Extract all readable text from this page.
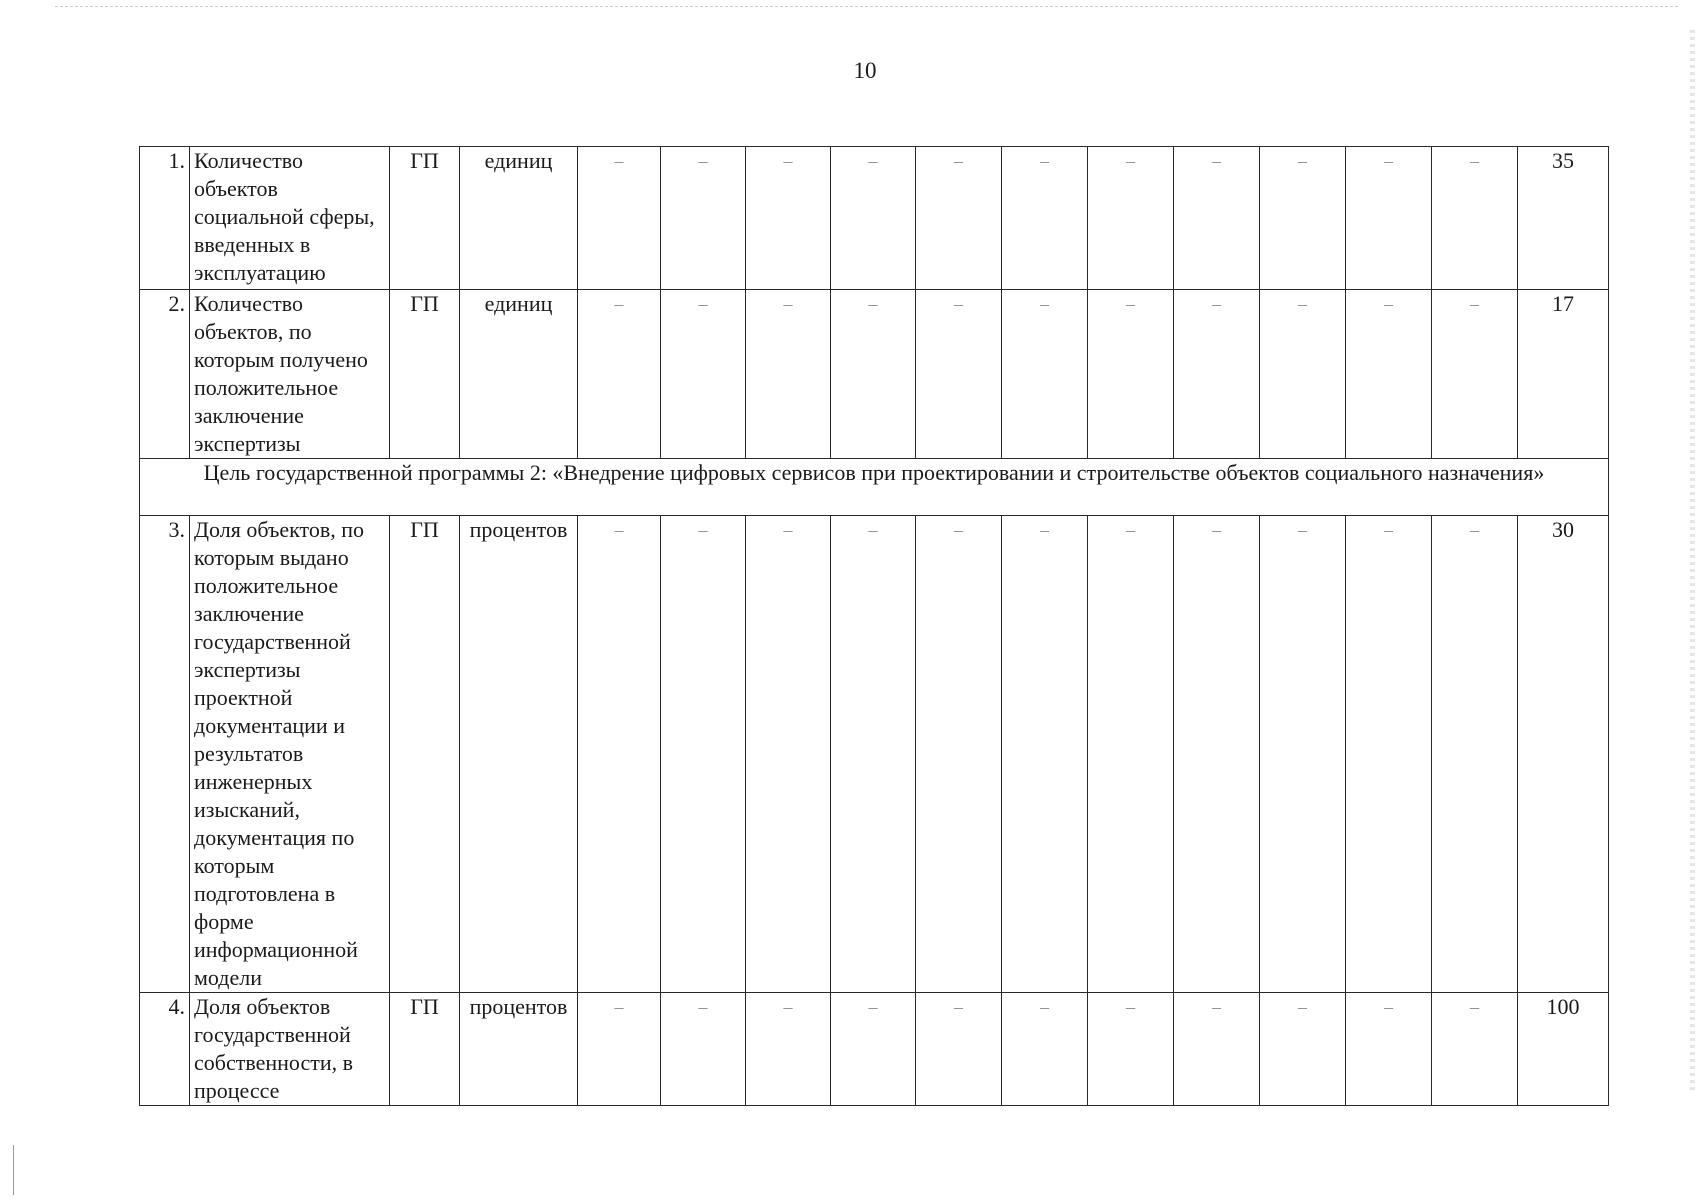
10
1.	Количество объектов социальной сферы, введенных в эксплуатацию	ГП	единиц	–	–	–	–	–	–	–	–	–	–	–	35
2.	Количество объектов, по которым получено положительное заключение экспертизы	ГП	единиц	–	–	–	–	–	–	–	–	–	–	–	17
Цель государственной программы 2: «Внедрение цифровых сервисов при проектировании и строительстве объектов социального назначения»															
3.	Доля объектов, по которым выдано положительное заключение государственной экспертизы проектной документации и результатов инженерных изысканий, документация по которым подготовлена в форме информационной модели	ГП	процентов	–	–	–	–	–	–	–	–	–	–	–	30
4.	Доля объектов государственной собственности, в процессе	ГП	процентов	–	–	–	–	–	–	–	–	–	–	–	100
